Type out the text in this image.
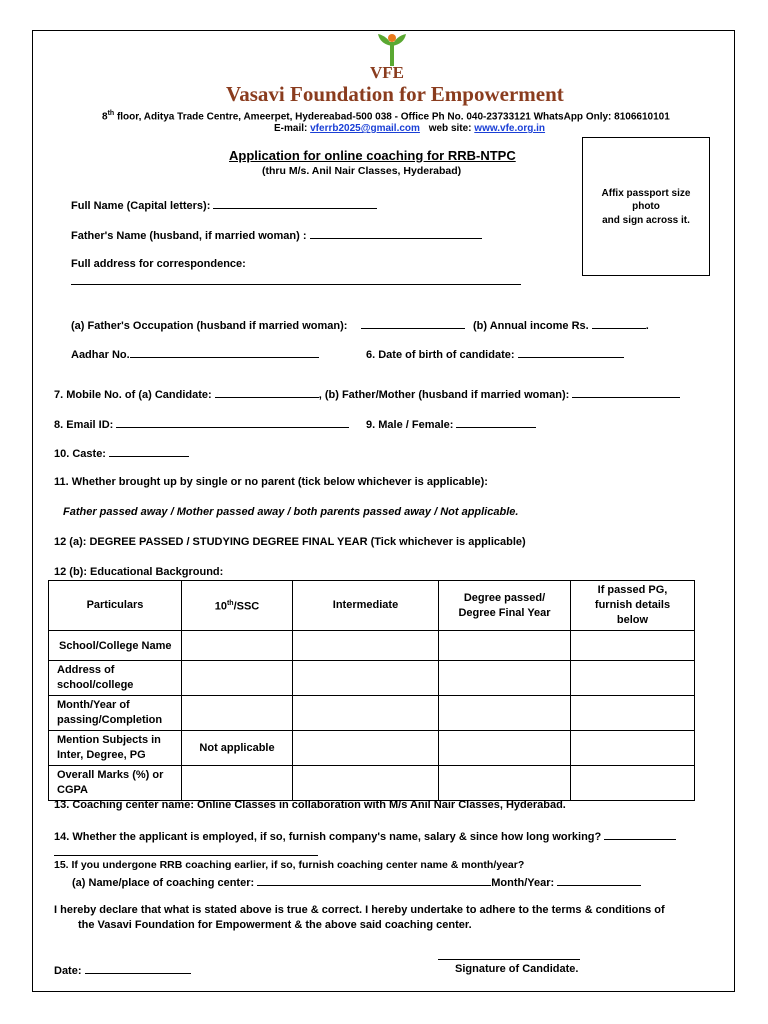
VFE
Vasavi Foundation for Empowerment
8th floor, Aditya Trade Centre, Ameerpet, Hydereabad-500 038 - Office Ph No. 040-23733121 WhatsApp Only: 8106610101
E-mail: vferrb2025@gmail.com web site: www.vfe.org.in
Application for online coaching for RRB-NTPC
(thru M/s. Anil Nair Classes, Hyderabad)
Affix passport size
photo
and sign across it.
Full Name (Capital letters):
Father's Name (husband, if married woman) :
Full address for correspondence:
(a) Father's Occupation (husband if married woman):	(b) Annual income Rs.	.
Aadhar No.	6. Date of birth of candidate:
7. Mobile No. of (a) Candidate:	, (b) Father/Mother (husband if married woman):
8. Email ID:	9. Male / Female:
10. Caste:
11. Whether brought up by single or no parent (tick below whichever is applicable):
Father passed away / Mother passed away / both parents passed away / Not applicable.
12 (a): DEGREE PASSED / STUDYING DEGREE FINAL YEAR (Tick whichever is applicable)
12 (b): Educational Background:
Particulars	10th/SSC	Intermediate	Degree passed/ Degree Final Year	If passed PG, furnish details below
School/College Name				
Address of school/college				
Month/Year of passing/Completion				
Mention Subjects in Inter, Degree, PG	Not applicable			
Overall Marks (%) or CGPA				
13. Coaching center name: Online Classes in collaboration with M/s Anil Nair Classes, Hyderabad.
14. Whether the applicant is employed, if so, furnish company's name, salary & since how long working?
15. If you undergone RRB coaching earlier, if so, furnish coaching center name & month/year?
(a) Name/place of coaching center:	Month/Year:
I hereby declare that what is stated above is true & correct. I hereby undertake to adhere to the terms & conditions of
the Vasavi Foundation for Empowerment & the above said coaching center.
Date:	Signature of Candidate.
